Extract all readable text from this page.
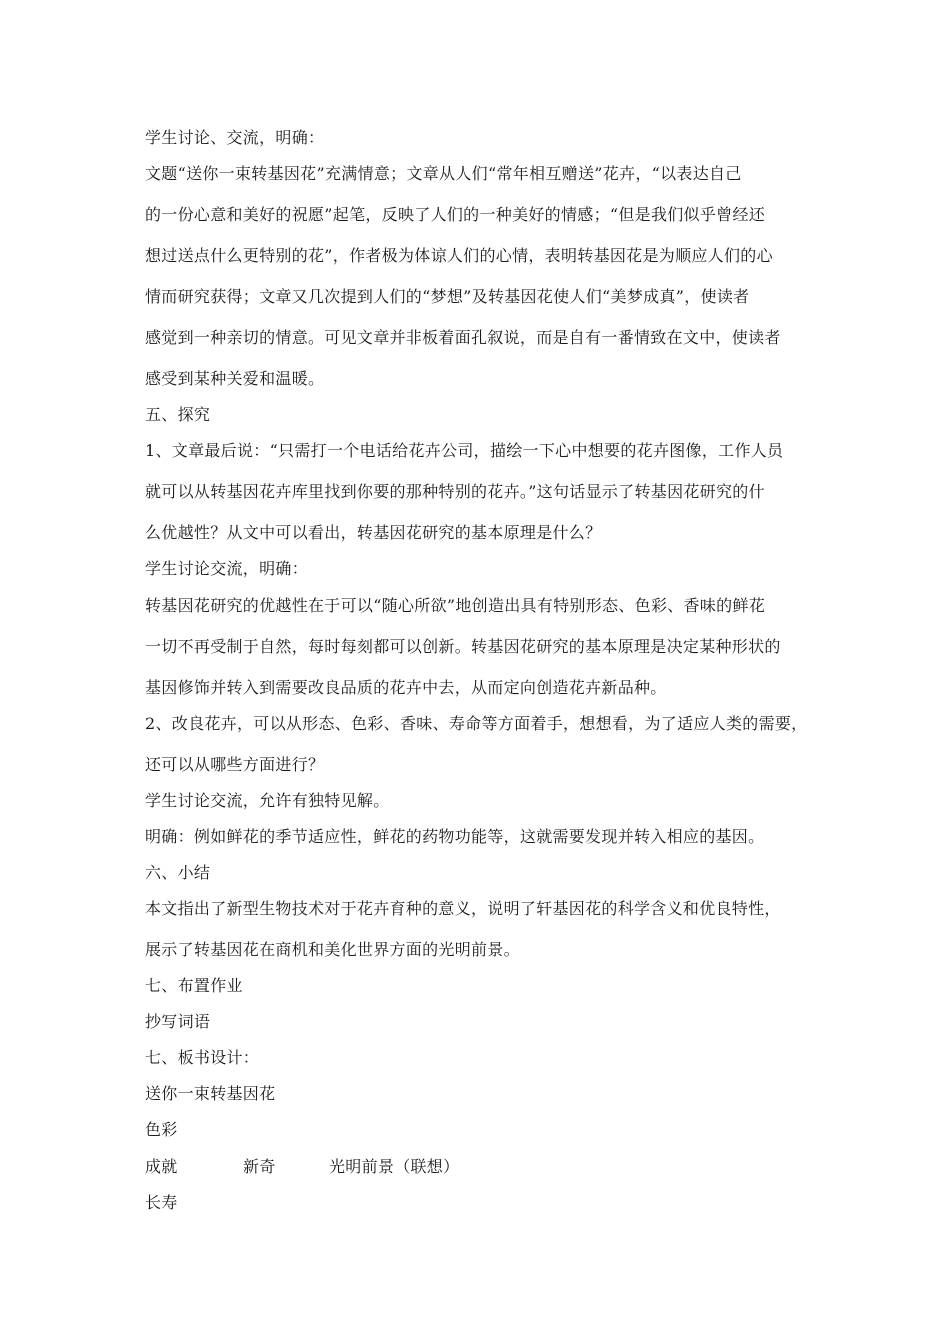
学生讨论、交流，明确：
文题“送你一束转基因花”充满情意；文章从人们“常年相互赠送”花卉，“以表达自己
的一份心意和美好的祝愿”起笔，反映了人们的一种美好的情感；“但是我们似乎曾经还
想过送点什么更特别的花”，作者极为体谅人们的心情，表明转基因花是为顺应人们的心
情而研究获得；文章又几次提到人们的“梦想”及转基因花使人们“美梦成真”，使读者
感觉到一种亲切的情意。可见文章并非板着面孔叙说，而是自有一番情致在文中，使读者
感受到某种关爱和温暖。
五、探究
1、文章最后说：“只需打一个电话给花卉公司，描绘一下心中想要的花卉图像，工作人员
就可以从转基因花卉库里找到你要的那种特别的花卉。”这句话显示了转基因花研究的什
么优越性？从文中可以看出，转基因花研究的基本原理是什么？
学生讨论交流，明确：
转基因花研究的优越性在于可以“随心所欲”地创造出具有特别形态、色彩、香味的鲜花
一切不再受制于自然，每时每刻都可以创新。转基因花研究的基本原理是决定某种形状的
基因修饰并转入到需要改良品质的花卉中去，从而定向创造花卉新品种。
2、改良花卉，可以从形态、色彩、香味、寿命等方面着手，想想看，为了适应人类的需要，
还可以从哪些方面进行？
学生讨论交流，允许有独特见解。
明确：例如鲜花的季节适应性，鲜花的药物功能等，这就需要发现并转入相应的基因。
六、小结
本文指出了新型生物技术对于花卉育种的意义，说明了轩基因花的科学含义和优良特性，
展示了转基因花在商机和美化世界方面的光明前景。
七、布置作业
抄写词语
七、板书设计：
送你一束转基因花
色彩
成就	新奇	光明前景（联想）
长寿
